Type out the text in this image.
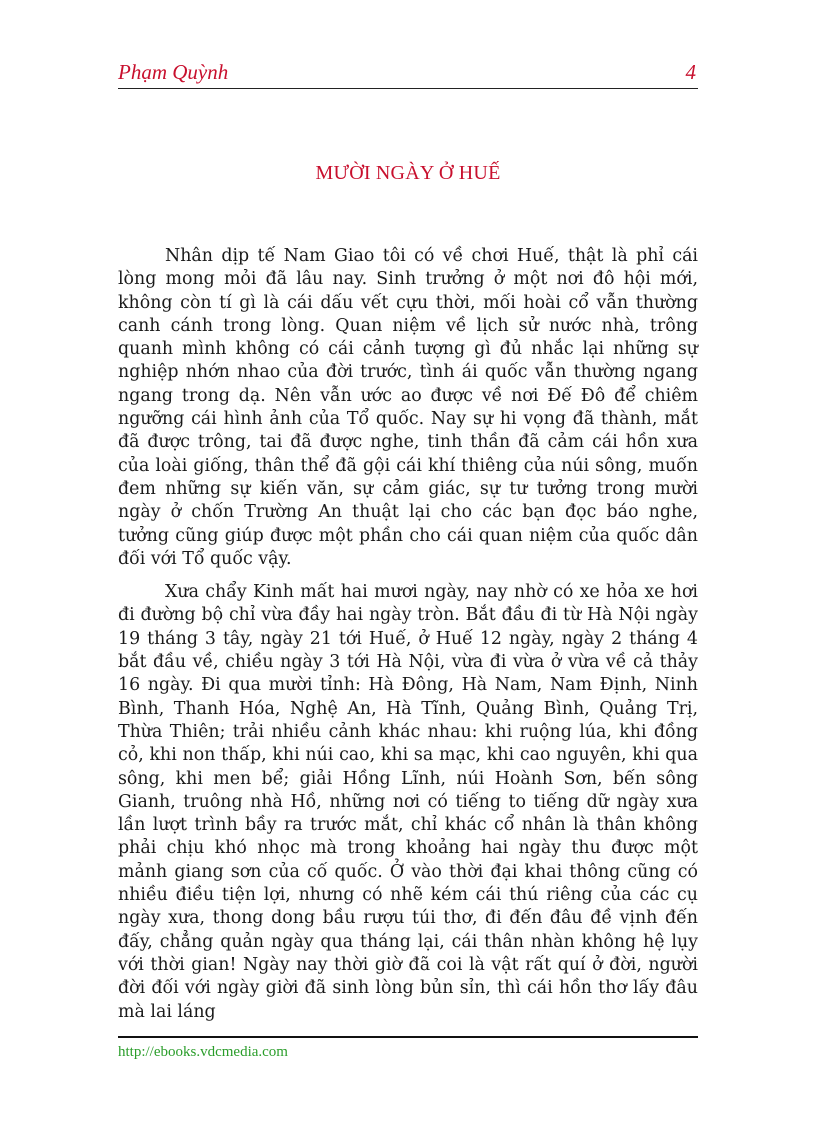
Phạm Quỳnh	4
MƯỜI NGÀY Ở HUẾ

Nhân dịp tế Nam Giao tôi có về chơi Huế, thật là phỉ cái lòng mong mỏi đã lâu nay. Sinh trưởng ở một nơi đô hội mới, không còn tí gì là cái dấu vết cựu thời, mối hoài cổ vẫn thường canh cánh trong lòng. Quan niệm về lịch sử nước nhà, trông quanh mình không có cái cảnh tượng gì đủ nhắc lại những sự nghiệp nhớn nhao của đời trước, tình ái quốc vẫn thường ngang ngang trong dạ. Nên vẫn ước ao được về nơi Đế Đô để chiêm ngưỡng cái hình ảnh của Tổ quốc. Nay sự hi vọng đã thành, mắt đã được trông, tai đã được nghe, tinh thần đã cảm cái hồn xưa của loài giống, thân thể đã gội cái khí thiêng của núi sông, muốn đem những sự kiến văn, sự cảm giác, sự tư tưởng trong mười ngày ở chốn Trường An thuật lại cho các bạn đọc báo nghe, tưởng cũng giúp được một phần cho cái quan niệm của quốc dân đối với Tổ quốc vậy.

Xưa chẩy Kinh mất hai mươi ngày, nay nhờ có xe hỏa xe hơi đi đường bộ chỉ vừa đầy hai ngày tròn. Bắt đầu đi từ Hà Nội ngày 19 tháng 3 tây, ngày 21 tới Huế, ở Huế 12 ngày, ngày 2 tháng 4 bắt đầu về, chiều ngày 3 tới Hà Nội, vừa đi vừa ở vừa về cả thảy 16 ngày. Đi qua mười tỉnh: Hà Đông, Hà Nam, Nam Định, Ninh Bình, Thanh Hóa, Nghệ An, Hà Tĩnh, Quảng Bình, Quảng Trị, Thừa Thiên; trải nhiều cảnh khác nhau: khi ruộng lúa, khi đồng cỏ, khi non thấp, khi núi cao, khi sa mạc, khi cao nguyên, khi qua sông, khi men bể; giải Hồng Lĩnh, núi Hoành Sơn, bến sông Gianh, truông nhà Hồ, những nơi có tiếng to tiếng dữ ngày xưa lần lượt trình bầy ra trước mắt, chỉ khác cổ nhân là thân không phải chịu khó nhọc mà trong khoảng hai ngày thu được một mảnh giang sơn của cố quốc. Ở vào thời đại khai thông cũng có nhiều điều tiện lợi, nhưng có nhẽ kém cái thú riêng của các cụ ngày xưa, thong dong bầu rượu túi thơ, đi đến đâu đề vịnh đến đấy, chẳng quản ngày qua tháng lại, cái thân nhàn không hệ lụy với thời gian! Ngày nay thời giờ đã coi là vật rất quí ở đời, người đời đối với ngày giời đã sinh lòng bủn sỉn, thì cái hồn thơ lấy đâu mà lai láng

http://ebooks.vdcmedia.com
